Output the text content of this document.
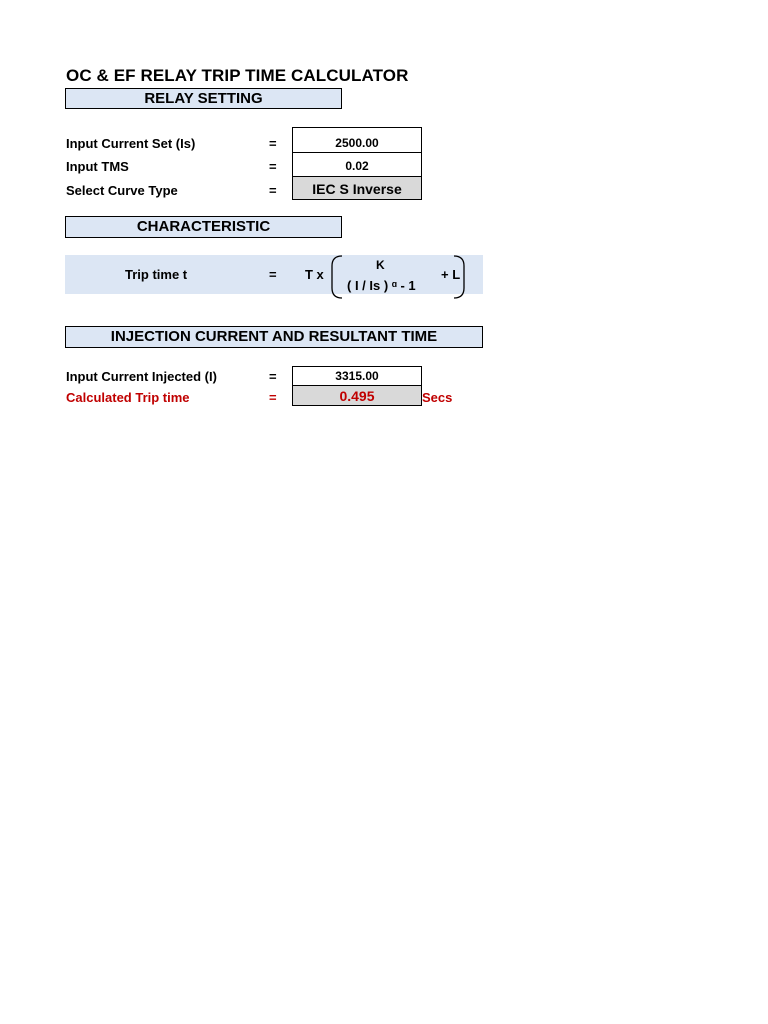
OC & EF RELAY TRIP TIME CALCULATOR
RELAY SETTING
Input Current Set (Is)	=	2500.00
Input TMS	=	0.02
Select Curve Type	=	IEC S Inverse
CHARACTERISTIC
Trip time t	= T x
K
( I / Is ) ᵅ - 1
+ L
INJECTION CURRENT AND RESULTANT TIME
Input Current Injected (I)	=	3315.00
Calculated Trip time	=	0.495	Secs
